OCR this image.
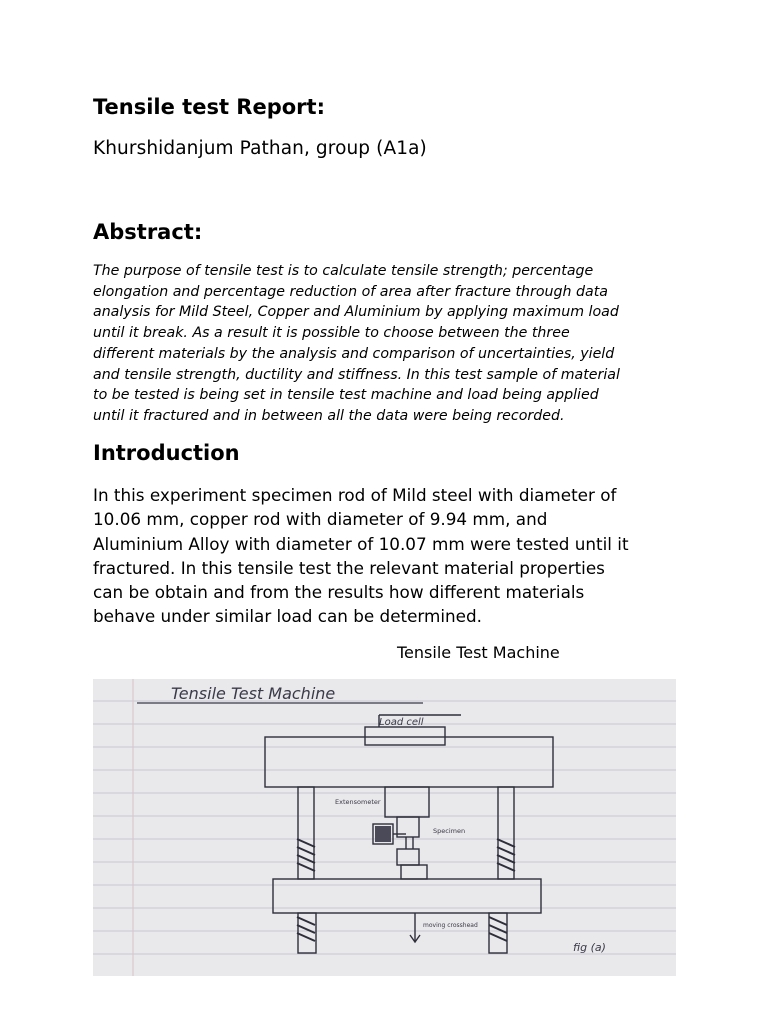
Tensile test Report:

Khurshidanjum Pathan, group (A1a)

Abstract:

The purpose of tensile test is to calculate tensile strength; percentage
elongation and percentage reduction of area after fracture through data
analysis for Mild Steel, Copper and Aluminium by applying maximum load
until it break. As a result it is possible to choose between the three
different materials by the analysis and comparison of uncertainties, yield
and tensile strength, ductility and stiffness. In this test sample of material
to be tested is being set in tensile test machine and load being applied
until it fractured and in between all the data were being recorded.

Introduction

In this experiment specimen rod of Mild steel with diameter of
10.06 mm, copper rod with diameter of 9.94 mm, and
Aluminium Alloy with diameter of 10.07 mm were tested until it
fractured. In this tensile test the relevant material properties
can be obtain and from the results how different materials
behave under similar load can be determined.

Tensile Test Machine

Tensile Test Machine
Load cell
Extensometer
Specimen
moving crosshead
fig (a)
